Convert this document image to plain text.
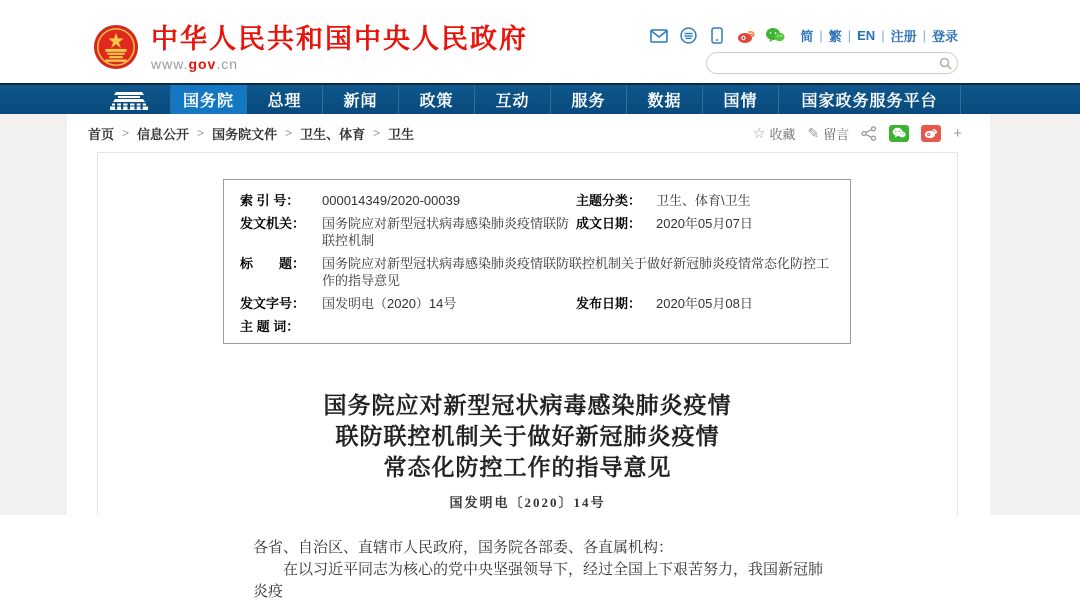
中华人民共和国中央人民政府
www.gov.cn
简 | 繁 | EN | 注册 | 登录
国务院	总理	新闻	政策	互动	服务	数据	国情	国家政务服务平台
首页 > 信息公开 > 国务院文件 > 卫生、体育 > 卫生	☆ 收藏 ✎ 留言	+
索 引 号：	000014349/2020-00039	主题分类：	卫生、体育\卫生
发文机关：	国务院应对新型冠状病毒感染肺炎疫情联防联控机制
成文日期：	2020年05月07日
标　　题：	国务院应对新型冠状病毒感染肺炎疫情联防联控机制关于做好新冠肺炎疫情常态化防控工作的指导意见
发文字号：	国发明电（2020）14号	发布日期：	2020年05月08日
主 题 词：
国务院应对新型冠状病毒感染肺炎疫情
联防联控机制关于做好新冠肺炎疫情
常态化防控工作的指导意见
国发明电〔2020〕14号

各省、自治区、直辖市人民政府，国务院各部委、各直属机构：

在以习近平同志为核心的党中央坚强领导下，经过全国上下艰苦努力，我国新冠肺炎疫
